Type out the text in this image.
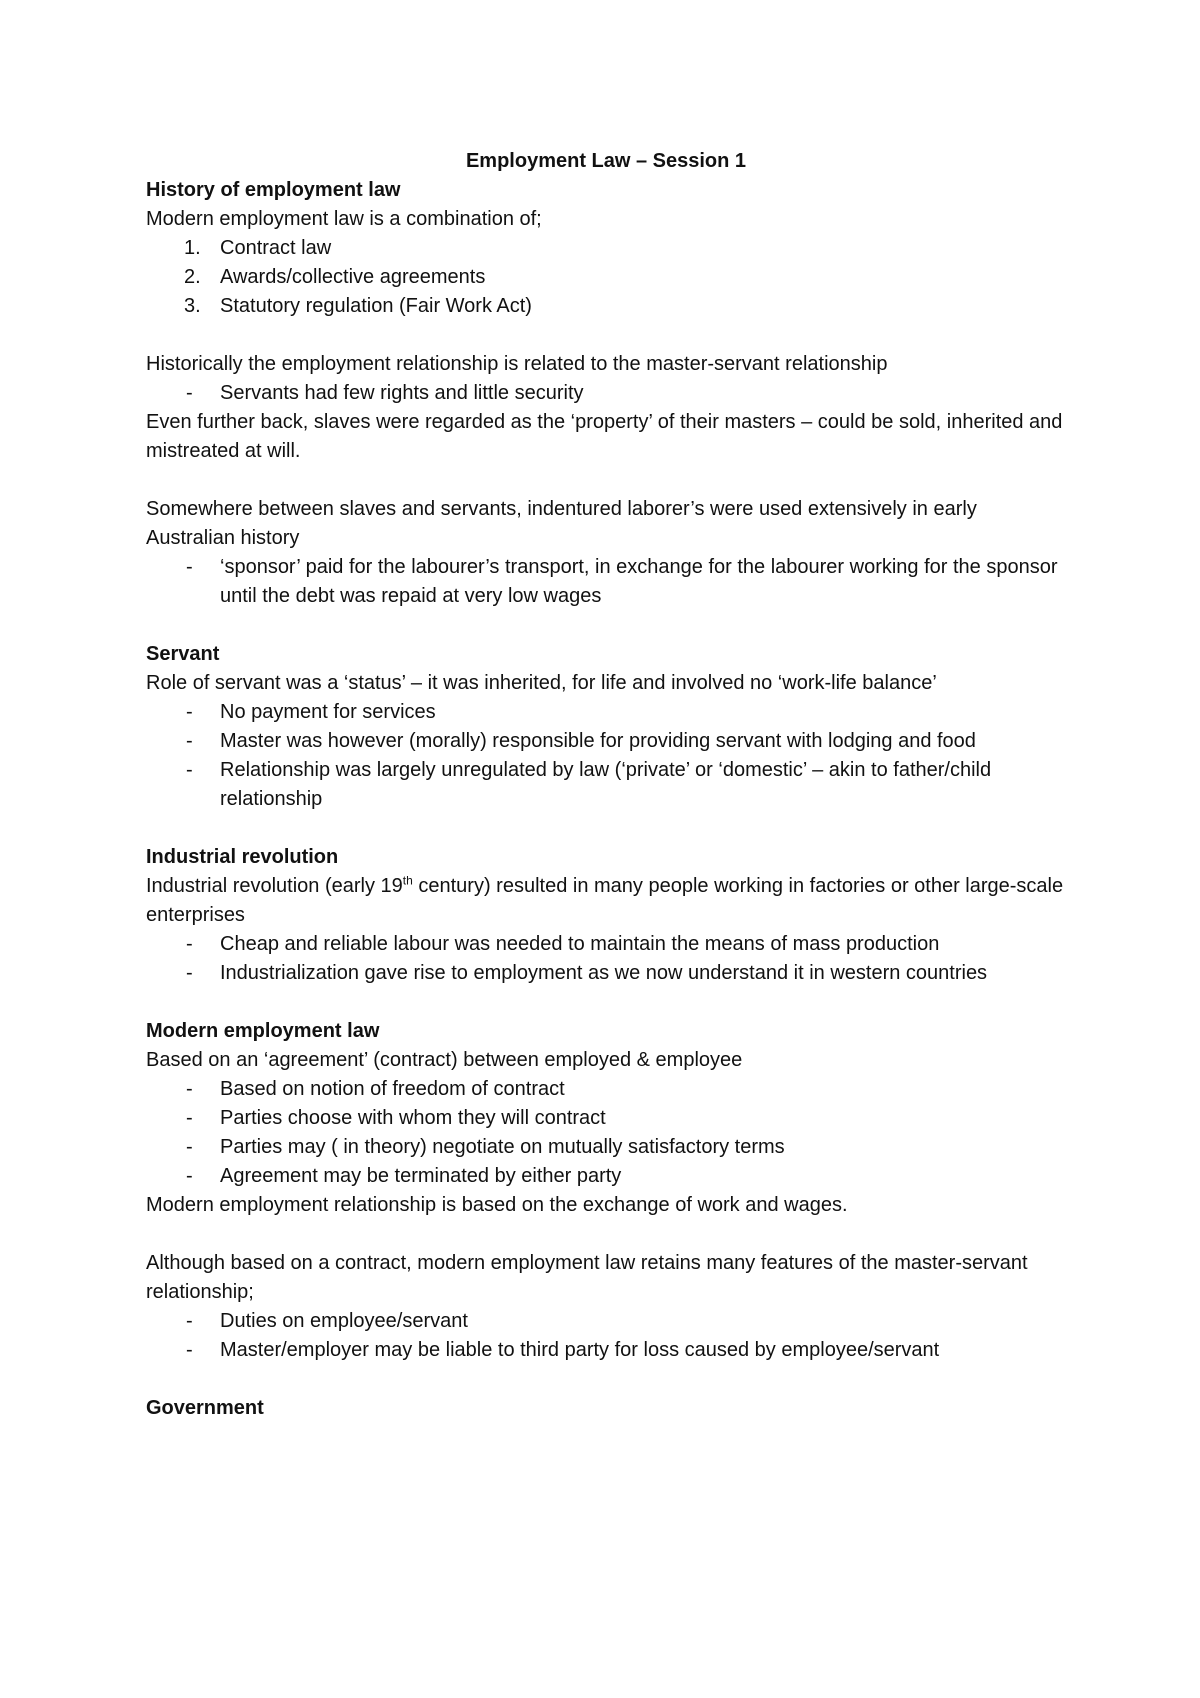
Employment Law – Session 1

History of employment law

Modern employment law is a combination of;

1. Contract law
2. Awards/collective agreements
3. Statutory regulation (Fair Work Act)

Historically the employment relationship is related to the master-servant relationship

- Servants had few rights and little security

Even further back, slaves were regarded as the ‘property’ of their masters – could be sold, inherited and mistreated at will.

Somewhere between slaves and servants, indentured laborer’s were used extensively in early Australian history

- ‘sponsor’ paid for the labourer’s transport, in exchange for the labourer working for the sponsor until the debt was repaid at very low wages

Servant

Role of servant was a ‘status’ – it was inherited, for life and involved no ‘work-life balance’

- No payment for services
- Master was however (morally) responsible for providing servant with lodging and food
- Relationship was largely unregulated by law (‘private’ or ‘domestic’ – akin to father/child relationship

Industrial revolution

Industrial revolution (early 19th century) resulted in many people working in factories or other large-scale enterprises

- Cheap and reliable labour was needed to maintain the means of mass production
- Industrialization gave rise to employment as we now understand it in western countries

Modern employment law

Based on an ‘agreement’ (contract) between employed & employee

- Based on notion of freedom of contract
- Parties choose with whom they will contract
- Parties may ( in theory) negotiate on mutually satisfactory terms
- Agreement may be terminated by either party

Modern employment relationship is based on the exchange of work and wages.

Although based on a contract, modern employment law retains many features of the master-servant relationship;

- Duties on employee/servant
- Master/employer may be liable to third party for loss caused by employee/servant

Government
